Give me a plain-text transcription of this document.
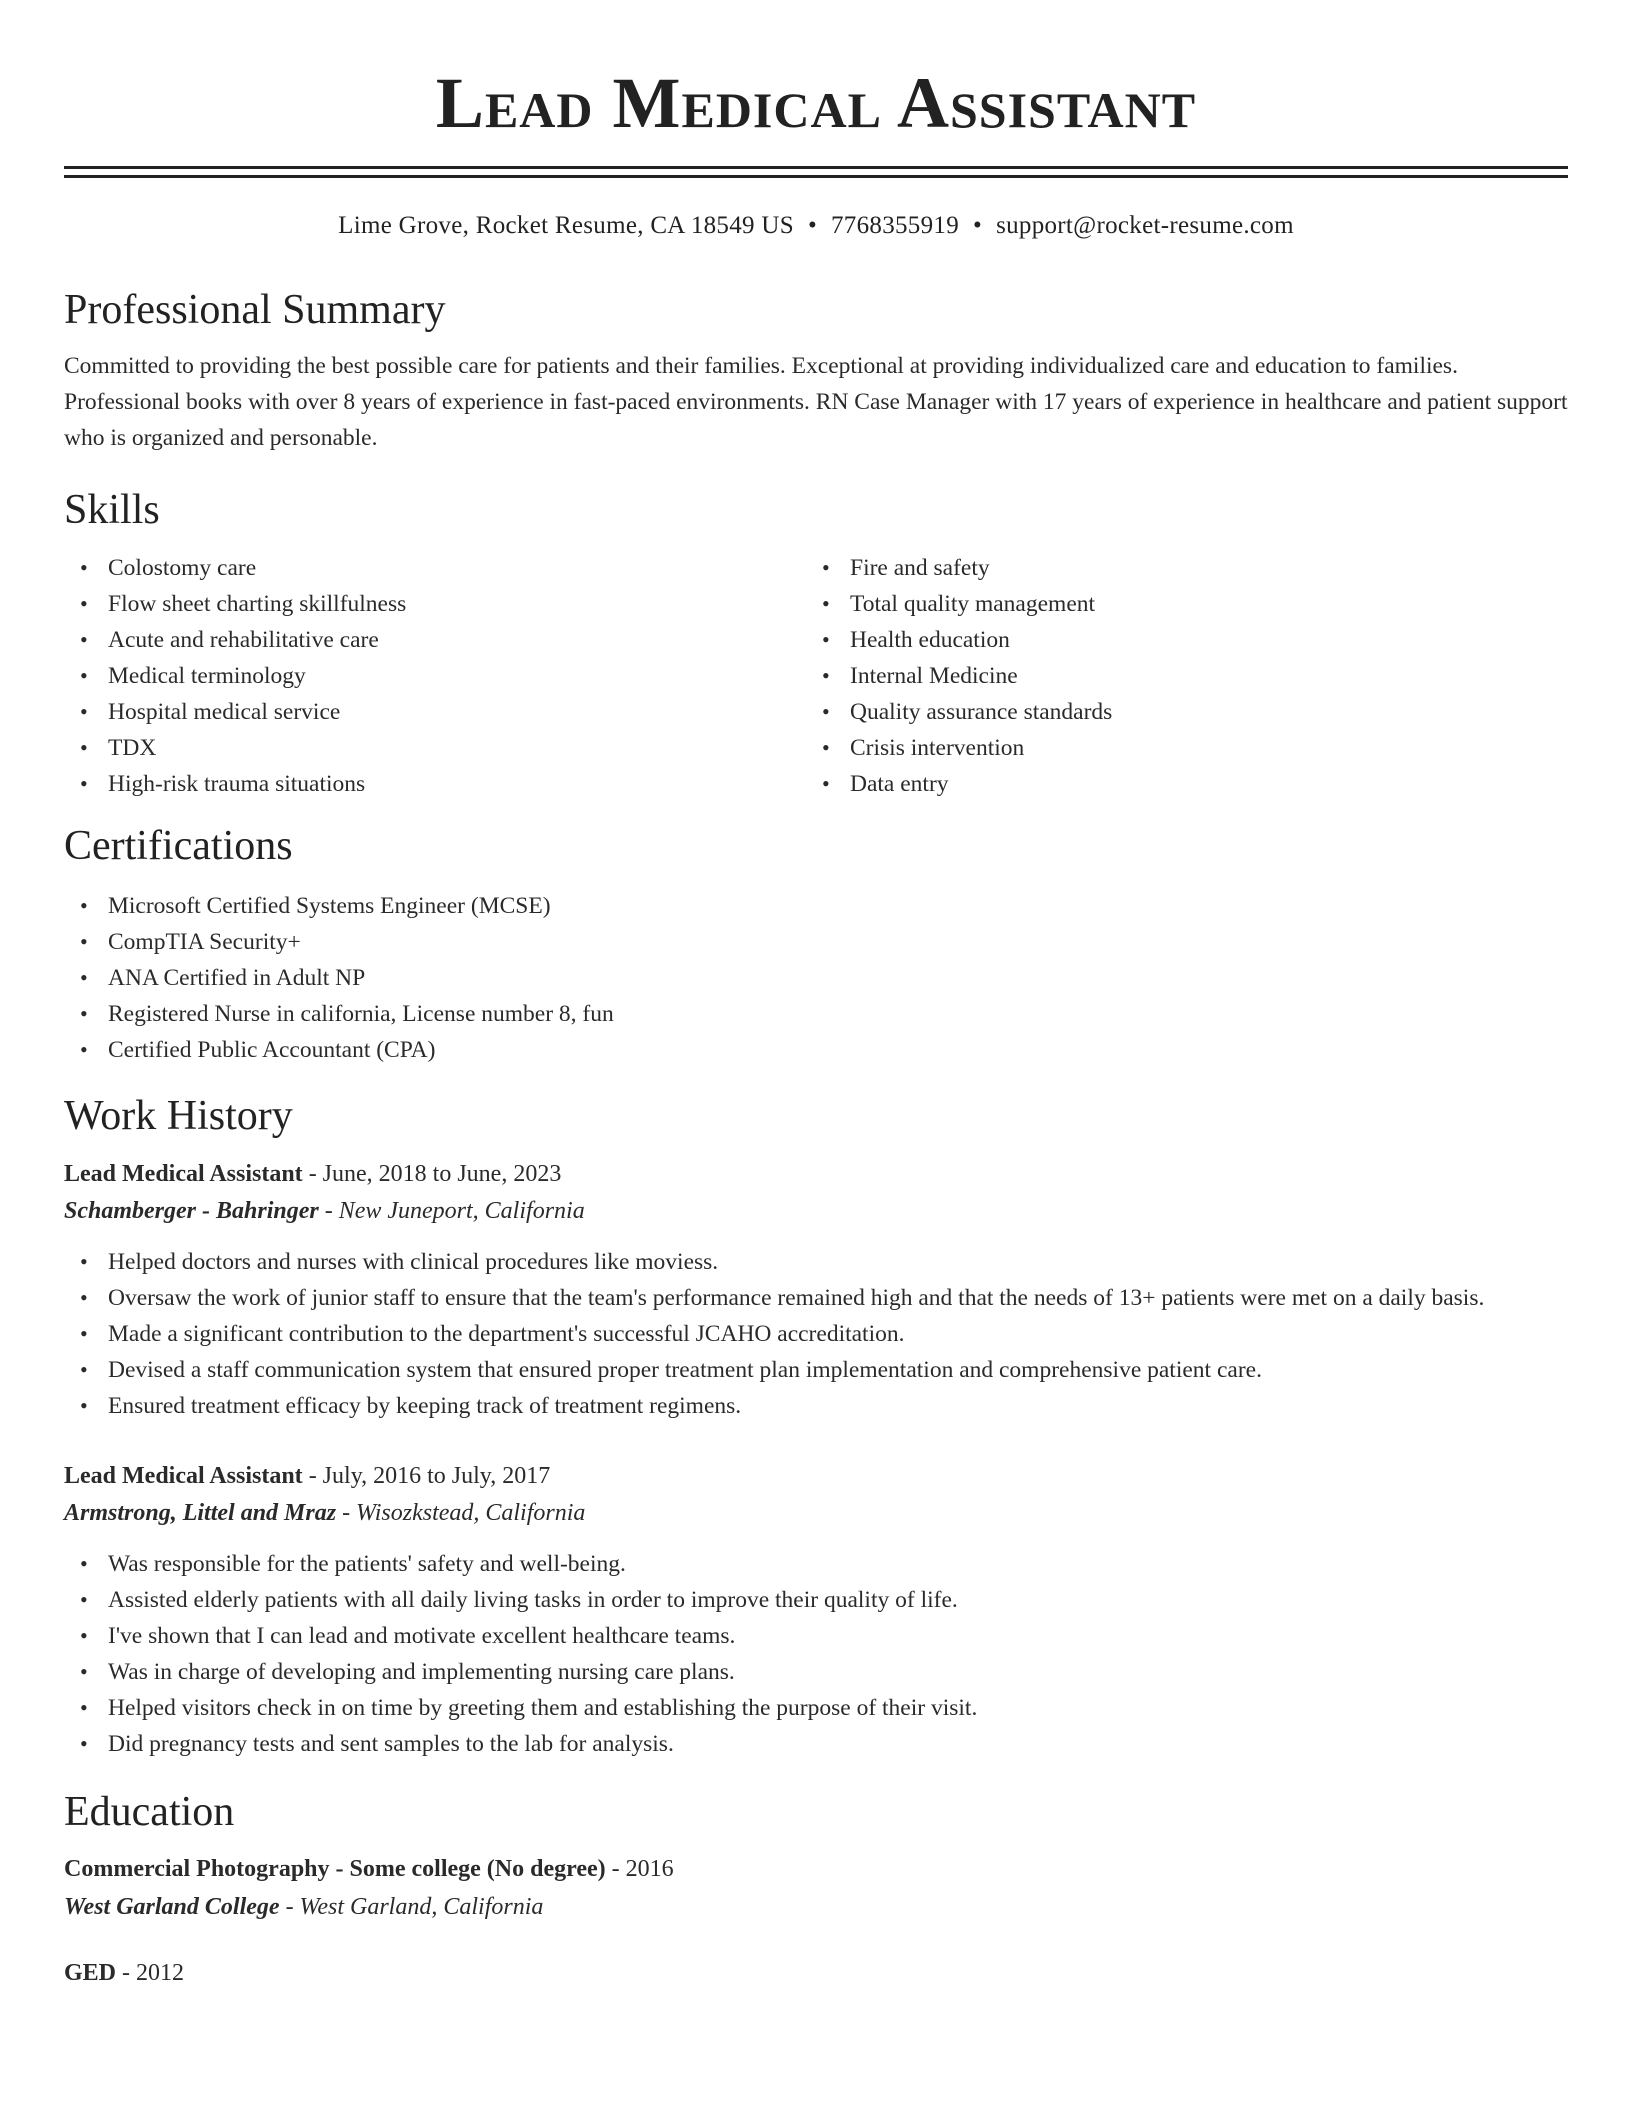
Lead Medical Assistant
Lime Grove, Rocket Resume, CA 18549 US • 7768355919 • support@rocket-resume.com
Professional Summary

Committed to providing the best possible care for patients and their families. Exceptional at providing individualized care and education to families. Professional books with over 8 years of experience in fast-paced environments. RN Case Manager with 17 years of experience in healthcare and patient support who is organized and personable.

Skills
• Colostomy care
• Flow sheet charting skillfulness
• Acute and rehabilitative care
• Medical terminology
• Hospital medical service
• TDX
• High-risk trauma situations
• Fire and safety
• Total quality management
• Health education
• Internal Medicine
• Quality assurance standards
• Crisis intervention
• Data entry
Certifications
• Microsoft Certified Systems Engineer (MCSE)
• CompTIA Security+
• ANA Certified in Adult NP
• Registered Nurse in california, License number 8, fun
• Certified Public Accountant (CPA)
Work History
Lead Medical Assistant - June, 2018 to June, 2023
Schamberger - Bahringer - New Juneport, California
• Helped doctors and nurses with clinical procedures like moviess.
• Oversaw the work of junior staff to ensure that the team's performance remained high and that the needs of 13+ patients were met on a daily basis.
• Made a significant contribution to the department's successful JCAHO accreditation.
• Devised a staff communication system that ensured proper treatment plan implementation and comprehensive patient care.
• Ensured treatment efficacy by keeping track of treatment regimens.
Lead Medical Assistant - July, 2016 to July, 2017
Armstrong, Littel and Mraz - Wisozkstead, California
• Was responsible for the patients' safety and well-being.
• Assisted elderly patients with all daily living tasks in order to improve their quality of life.
• I've shown that I can lead and motivate excellent healthcare teams.
• Was in charge of developing and implementing nursing care plans.
• Helped visitors check in on time by greeting them and establishing the purpose of their visit.
• Did pregnancy tests and sent samples to the lab for analysis.
Education
Commercial Photography - Some college (No degree) - 2016
West Garland College - West Garland, California
GED - 2012
